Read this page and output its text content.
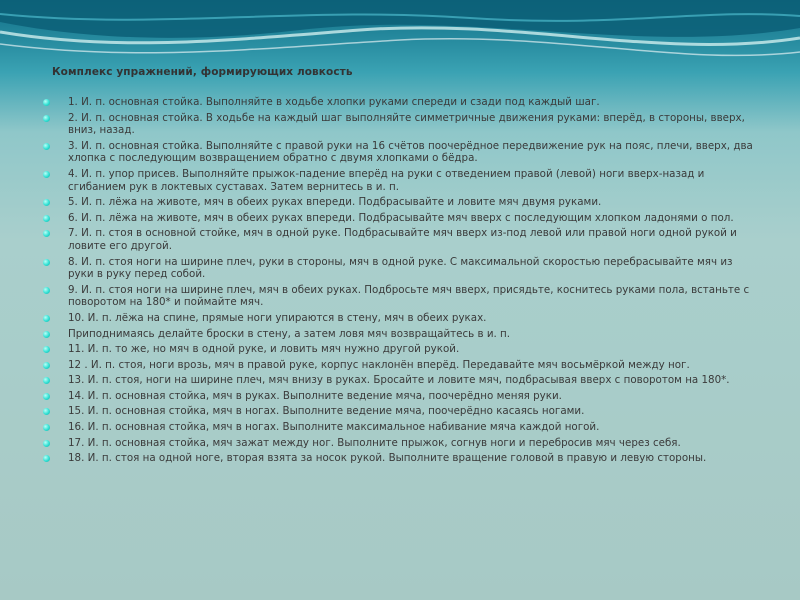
Комплекс упражнений, формирующих ловкость
1. И. п. основная стойка. Выполняйте в ходьбе хлопки руками спереди и сзади под каждый шаг.
2. И. п. основная стойка. В ходьбе на каждый шаг выполняйте симметричные движения руками: вперёд, в стороны, вверх, вниз, назад.
3. И. п. основная стойка. Выполняйте с правой руки на 16 счётов поочерёдное передвижение рук на пояс, плечи, вверх, два хлопка с последующим возвращением обратно с двумя хлопками о бёдра.
4. И. п. упор присев. Выполняйте прыжок-падение вперёд на руки с отведением правой (левой) ноги вверх-назад и сгибанием рук в локтевых суставах. Затем вернитесь в и. п.
5. И. п. лёжа на животе, мяч в обеих руках впереди. Подбрасывайте и ловите мяч двумя руками.
6. И. п. лёжа на животе, мяч в обеих руках впереди. Подбрасывайте мяч вверх с последующим хлопком ладонями о пол.
7. И. п. стоя в основной стойке, мяч в одной руке. Подбрасывайте мяч вверх из-под левой или правой ноги одной рукой и ловите его другой.
8. И. п. стоя ноги на ширине плеч, руки в стороны, мяч в одной руке. С максимальной скоростью перебрасывайте мяч из руки в руку перед собой.
9. И. п. стоя ноги на ширине плеч, мяч в обеих руках. Подбросьте мяч вверх, присядьте, коснитесь руками пола, встаньте с поворотом на 180* и поймайте мяч.
10. И. п. лёжа на спине, прямые ноги упираются в стену, мяч в обеих руках.
Приподнимаясь делайте броски в стену, а затем ловя мяч возвращайтесь в и. п.
11. И. п. то же, но мяч в одной руке, и ловить мяч нужно другой рукой.
12 . И. п. стоя, ноги врозь, мяч в правой руке, корпус наклонён вперёд. Передавайте мяч восьмёркой между ног.
13. И. п. стоя, ноги на ширине плеч, мяч внизу в руках. Бросайте и ловите мяч, подбрасывая вверх с поворотом на 180*.
14. И. п. основная стойка, мяч в руках. Выполните ведение мяча, поочерёдно меняя руки.
15. И. п. основная стойка, мяч в ногах. Выполните ведение мяча, поочерёдно касаясь ногами.
16. И. п. основная стойка, мяч в ногах. Выполните максимальное набивание мяча каждой ногой.
17. И. п. основная стойка, мяч зажат между ног. Выполните прыжок, согнув ноги и перебросив мяч через себя.
18. И. п. стоя на одной ноге, вторая взята за носок рукой. Выполните вращение головой в правую и левую стороны.
